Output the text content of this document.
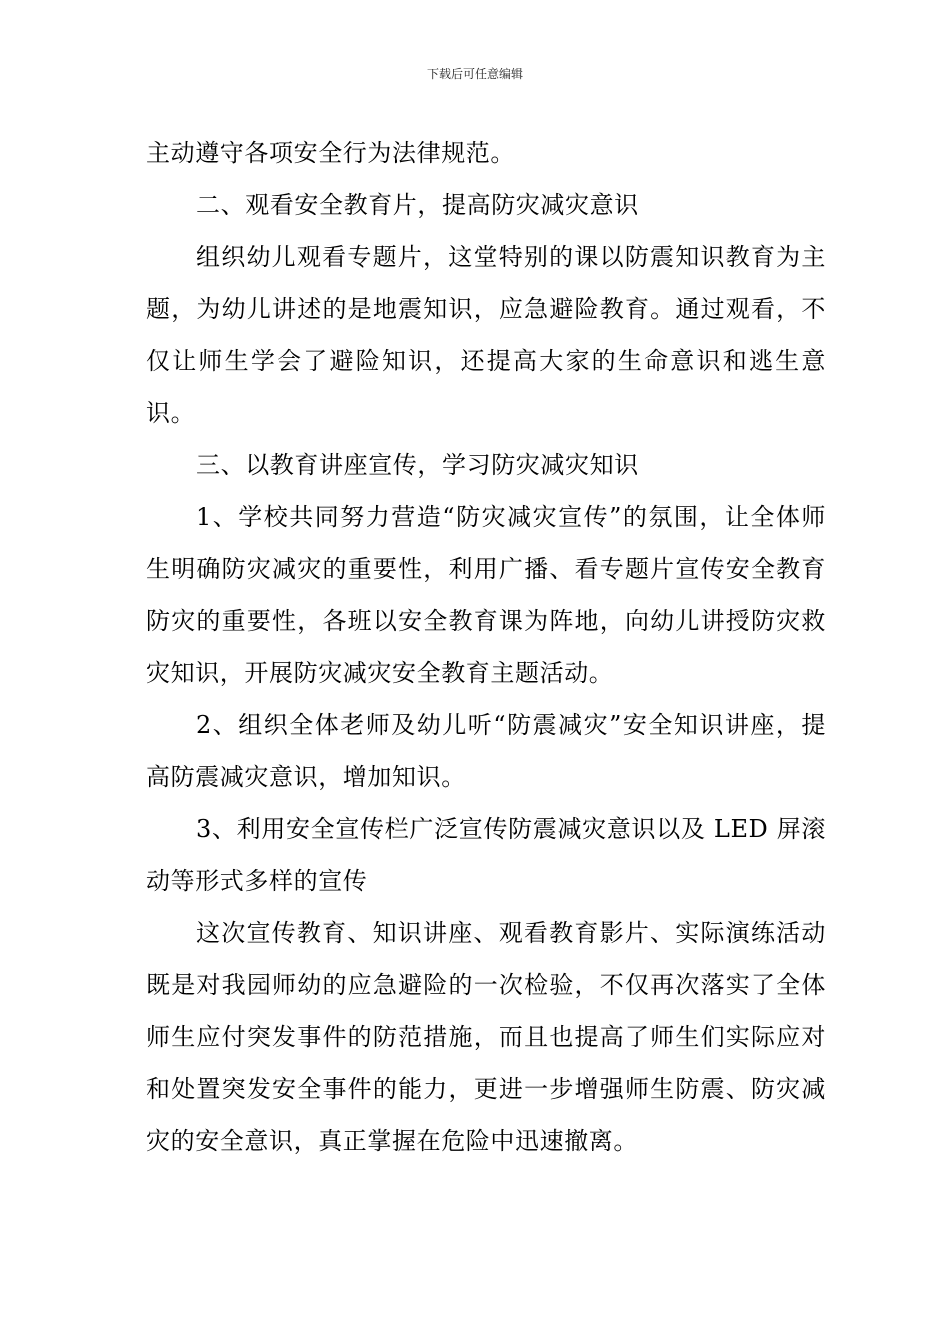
下载后可任意编辑

主动遵守各项安全行为法律规范。

二、观看安全教育片，提高防灾减灾意识

组织幼儿观看专题片，这堂特别的课以防震知识教育为主题，为幼儿讲述的是地震知识，应急避险教育。通过观看，不仅让师生学会了避险知识，还提高大家的生命意识和逃生意识。

三、以教育讲座宣传，学习防灾减灾知识

1、学校共同努力营造“防灾减灾宣传”的氛围，让全体师生明确防灾减灾的重要性，利用广播、看专题片宣传安全教育防灾的重要性，各班以安全教育课为阵地，向幼儿讲授防灾救灾知识，开展防灾减灾安全教育主题活动。

2、组织全体老师及幼儿听“防震减灾”安全知识讲座，提高防震减灾意识，增加知识。

3、利用安全宣传栏广泛宣传防震减灾意识以及 LED 屏滚动等形式多样的宣传

这次宣传教育、知识讲座、观看教育影片、实际演练活动既是对我园师幼的应急避险的一次检验，不仅再次落实了全体师生应付突发事件的防范措施，而且也提高了师生们实际应对和处置突发安全事件的能力，更进一步增强师生防震、防灾减灾的安全意识，真正掌握在危险中迅速撤离。
